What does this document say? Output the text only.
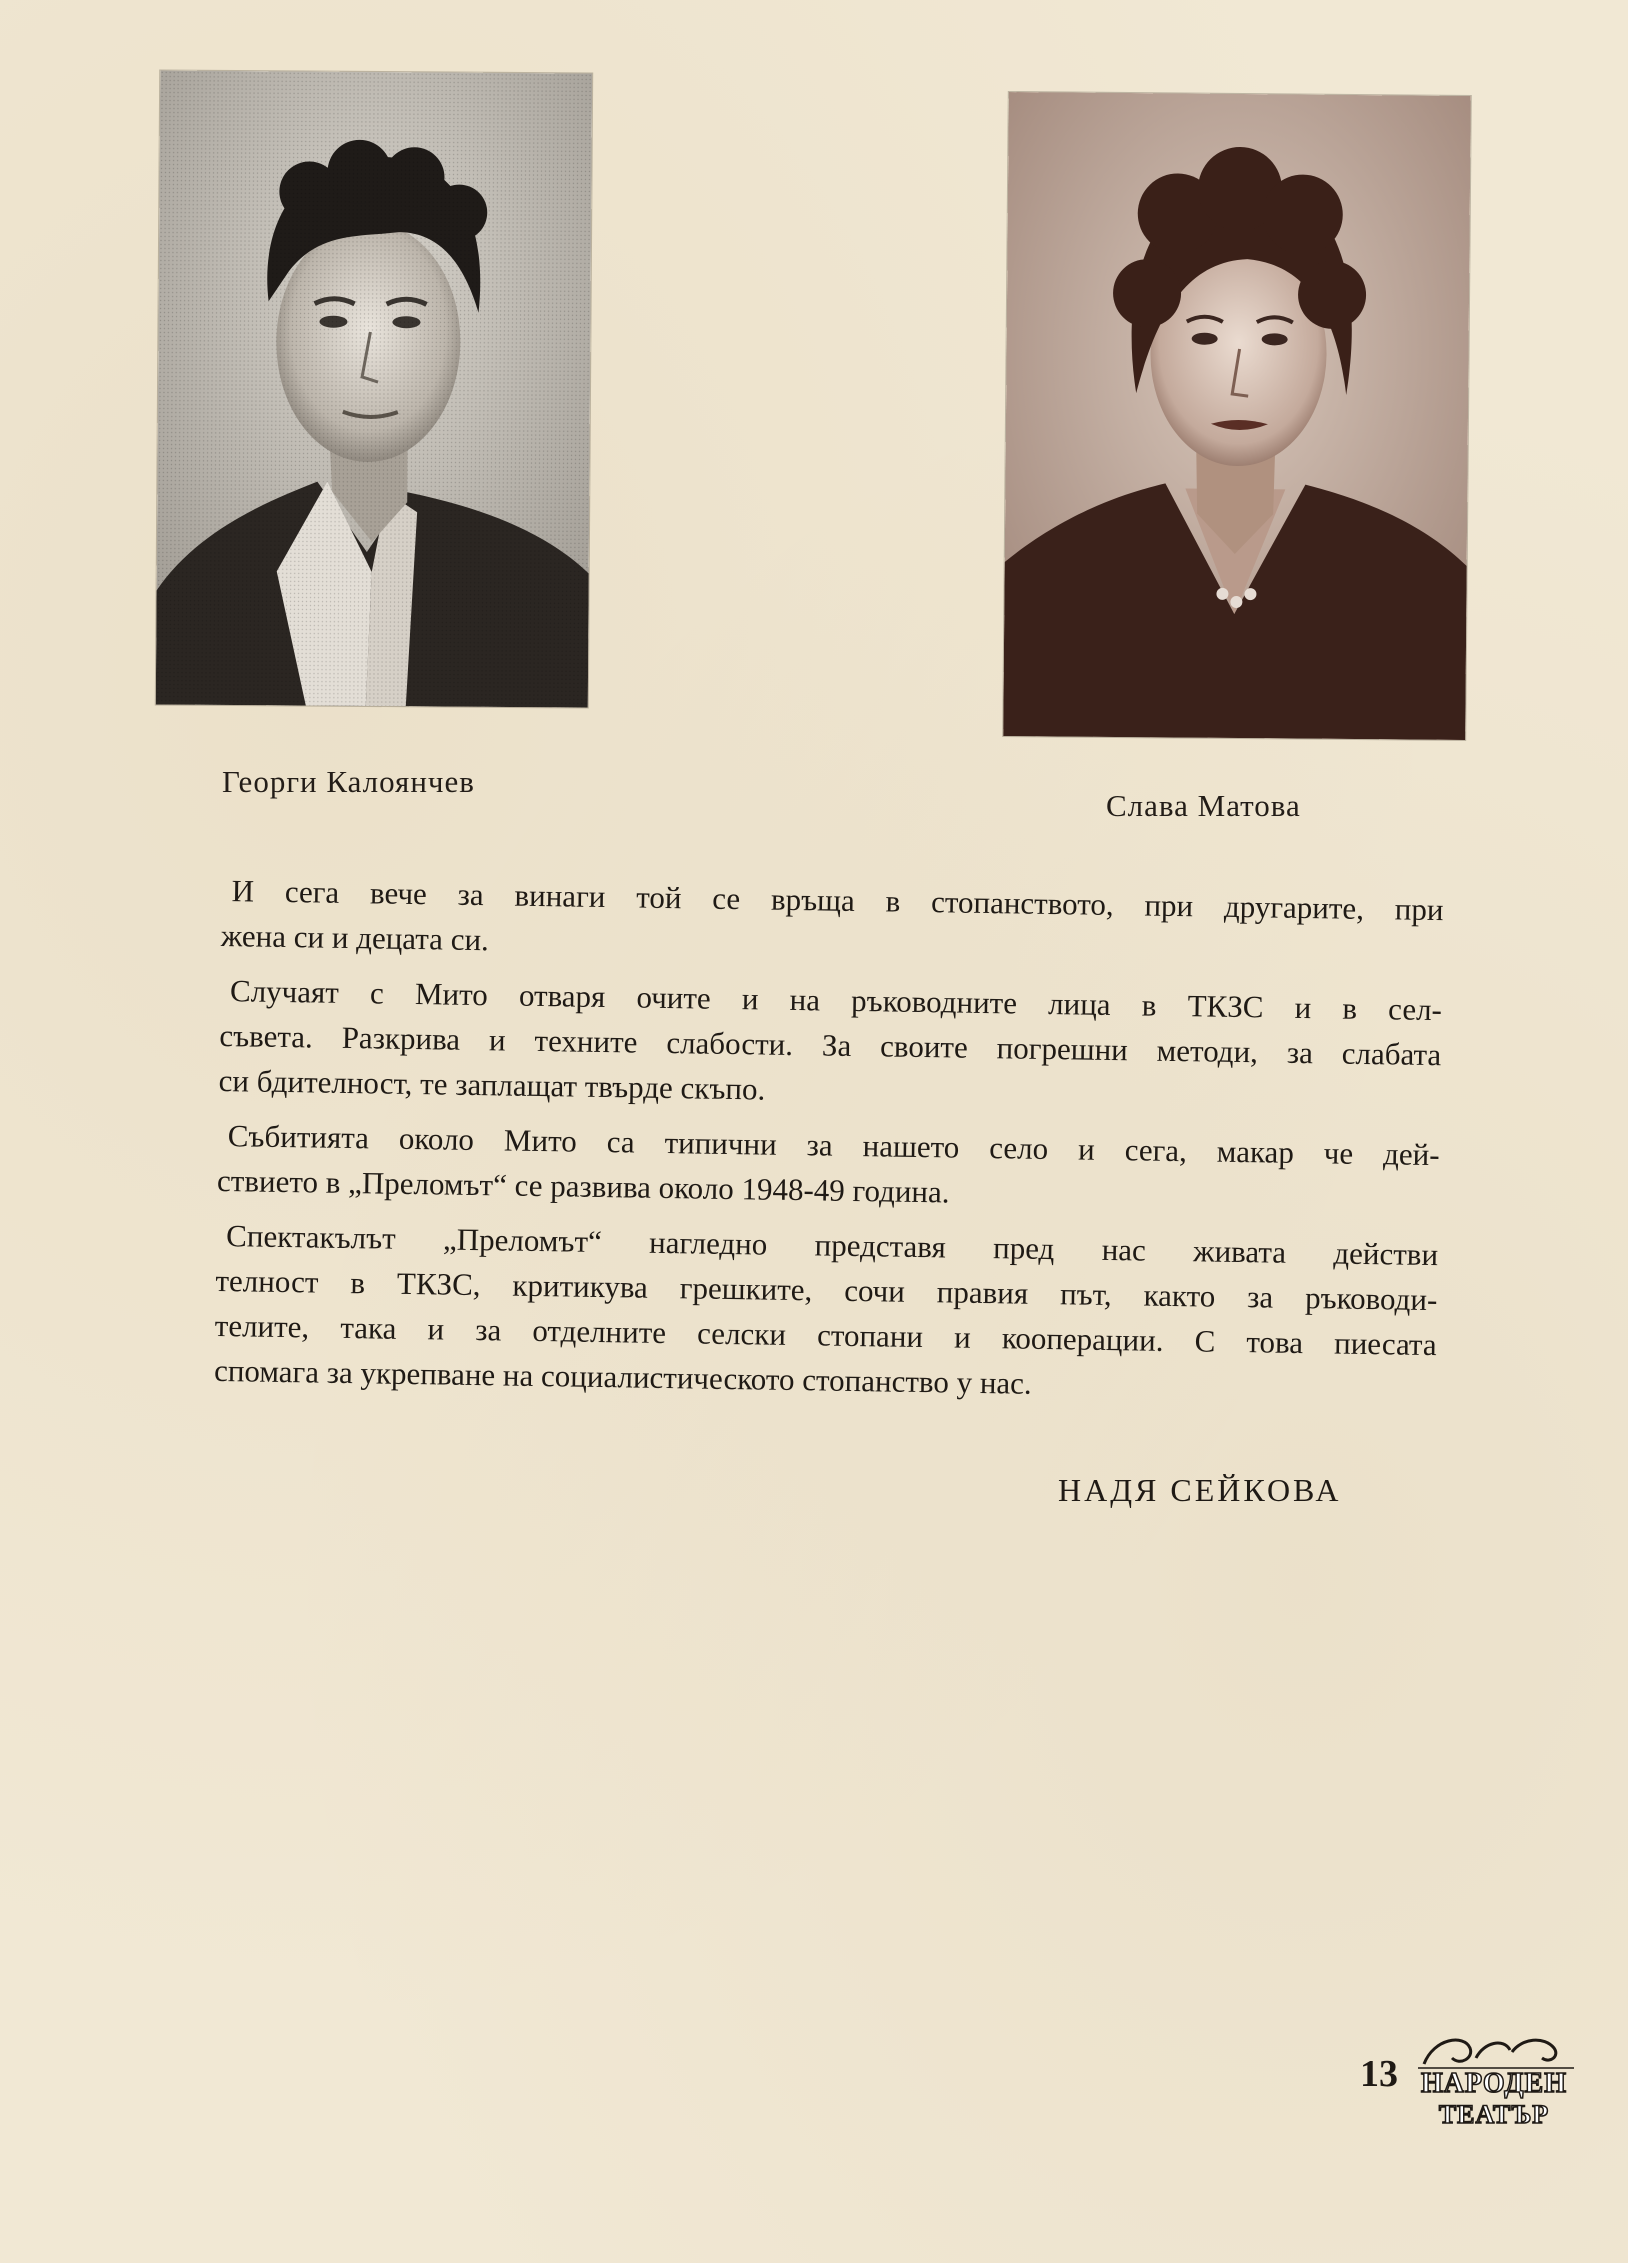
Георги Калоянчев
Слава Матова

И сега вече за винаги той се връща в стопанството, при другарите, при
жена си и децата си.

Случаят с Мито отваря очите и на ръководните лица в ТКЗС и в сел-
съвета. Разкрива и техните слабости. За своите погрешни методи, за слабата
си бдителност, те заплащат твърде скъпо.

Събитията около Мито са типични за нашето село и сега, макар че дей-
ствието в „Преломът“ се развива около 1948-49 година.

Спектакълът „Преломът“ нагледно представя пред нас живата действи
телност в ТКЗС, критикува грешките, сочи правия път, както за ръководи-
телите, така и за отделните селски стопани и кооперации. С това пиесата
спомага за укрепване на социалистическото стопанство у нас.

НАДЯ СЕЙКОВА
13 НАРОДЕН
ТЕАТЪР
